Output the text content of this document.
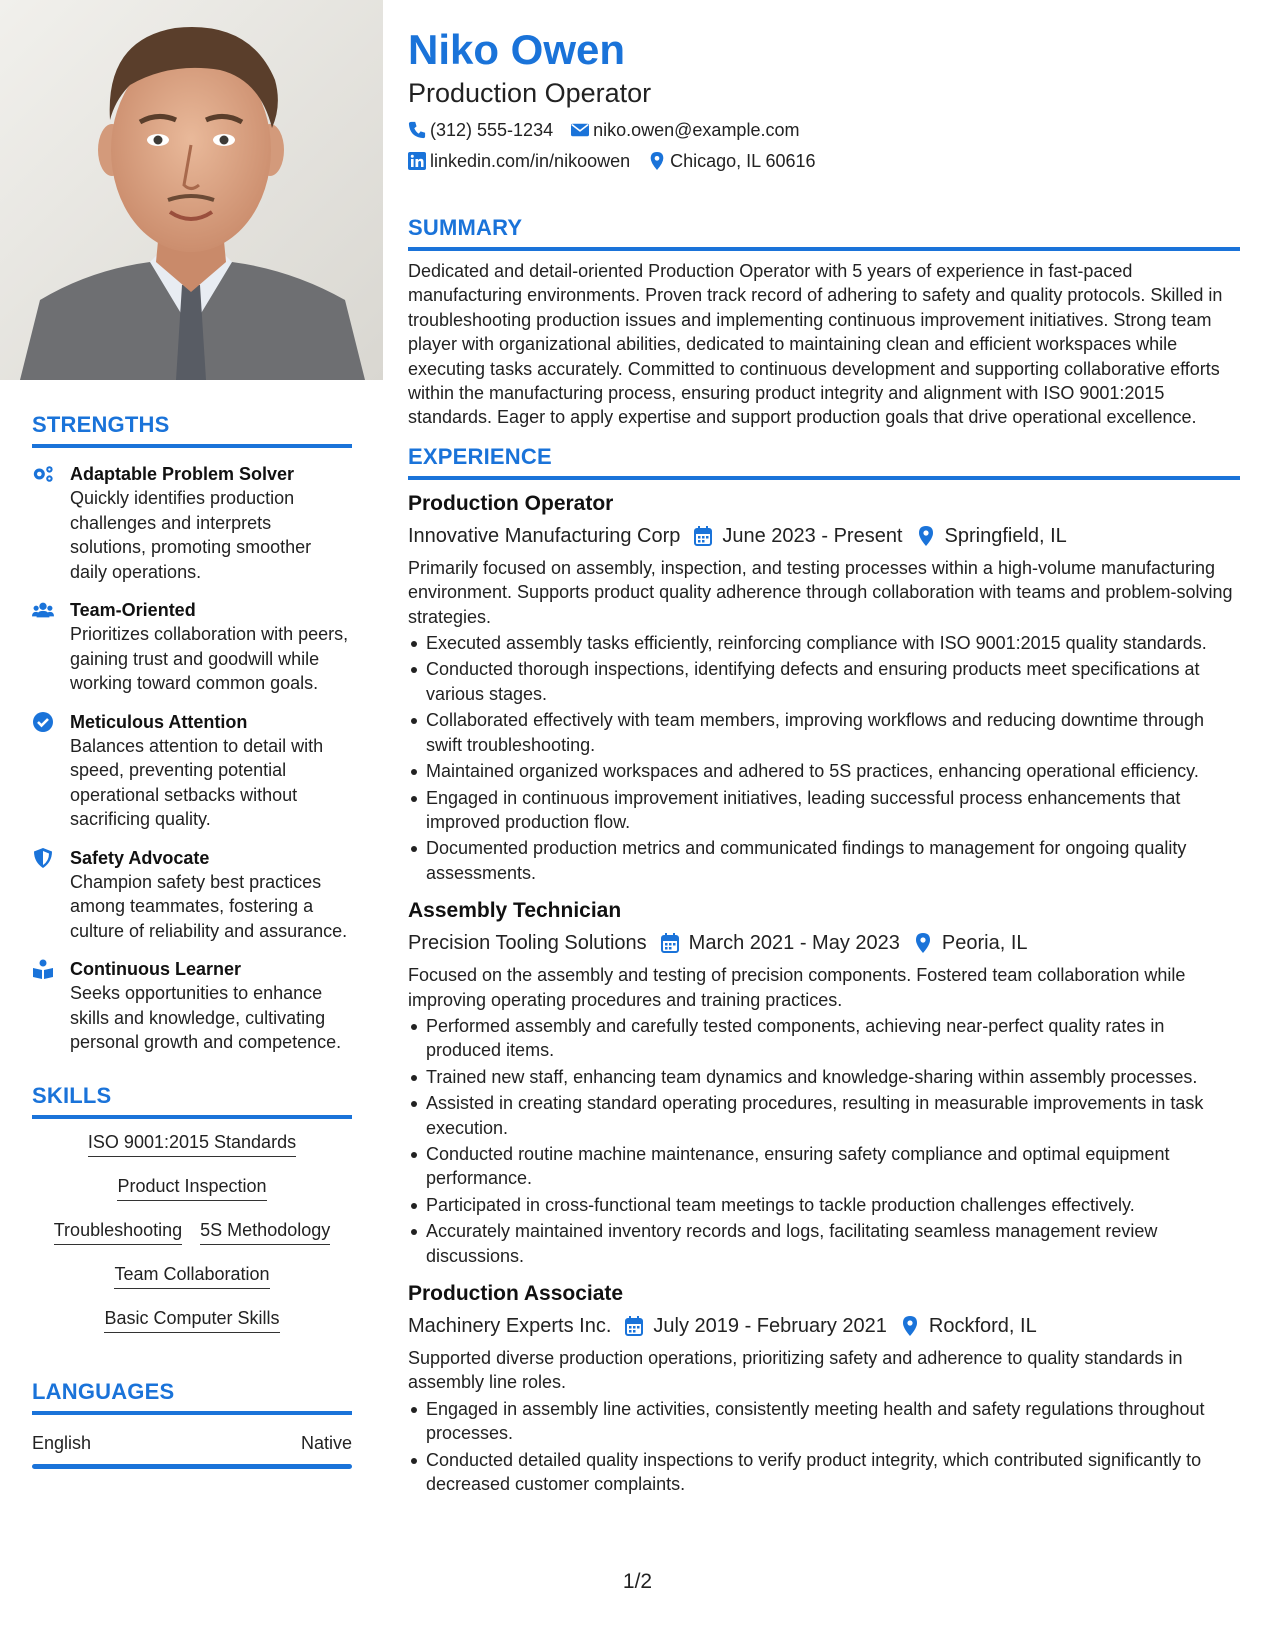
STRENGTHS
Adaptable Problem Solver
Quickly identifies production challenges and interprets solutions, promoting smoother daily operations.
Team-Oriented
Prioritizes collaboration with peers, gaining trust and goodwill while working toward common goals.
Meticulous Attention
Balances attention to detail with speed, preventing potential operational setbacks without sacrificing quality.
Safety Advocate
Champion safety best practices among teammates, fostering a culture of reliability and assurance.
Continuous Learner
Seeks opportunities to enhance skills and knowledge, cultivating personal growth and competence.
SKILLS
ISO 9001:2015 Standards
Product Inspection
Troubleshooting 5S Methodology
Team Collaboration
Basic Computer Skills
LANGUAGES
English	Native
Niko Owen
Production Operator
(312) 555-1234 niko.owen@example.com
linkedin.com/in/nikoowen Chicago, IL 60616
SUMMARY
Dedicated and detail-oriented Production Operator with 5 years of experience in fast-paced manufacturing environments. Proven track record of adhering to safety and quality protocols. Skilled in troubleshooting production issues and implementing continuous improvement initiatives. Strong team player with organizational abilities, dedicated to maintaining clean and efficient workspaces while executing tasks accurately. Committed to continuous development and supporting collaborative efforts within the manufacturing process, ensuring product integrity and alignment with ISO 9001:2015 standards. Eager to apply expertise and support production goals that drive operational excellence.
EXPERIENCE
Production Operator
Innovative Manufacturing Corp June 2023 - Present Springfield, IL
Primarily focused on assembly, inspection, and testing processes within a high-volume manufacturing environment. Supports product quality adherence through collaboration with teams and problem-solving strategies.
Executed assembly tasks efficiently, reinforcing compliance with ISO 9001:2015 quality standards.
Conducted thorough inspections, identifying defects and ensuring products meet specifications at various stages.
Collaborated effectively with team members, improving workflows and reducing downtime through swift troubleshooting.
Maintained organized workspaces and adhered to 5S practices, enhancing operational efficiency.
Engaged in continuous improvement initiatives, leading successful process enhancements that improved production flow.
Documented production metrics and communicated findings to management for ongoing quality assessments.
Assembly Technician
Precision Tooling Solutions March 2021 - May 2023 Peoria, IL
Focused on the assembly and testing of precision components. Fostered team collaboration while improving operating procedures and training practices.
Performed assembly and carefully tested components, achieving near-perfect quality rates in produced items.
Trained new staff, enhancing team dynamics and knowledge-sharing within assembly processes.
Assisted in creating standard operating procedures, resulting in measurable improvements in task execution.
Conducted routine machine maintenance, ensuring safety compliance and optimal equipment performance.
Participated in cross-functional team meetings to tackle production challenges effectively.
Accurately maintained inventory records and logs, facilitating seamless management review discussions.
Production Associate
Machinery Experts Inc. July 2019 - February 2021 Rockford, IL
Supported diverse production operations, prioritizing safety and adherence to quality standards in assembly line roles.
Engaged in assembly line activities, consistently meeting health and safety regulations throughout processes.
Conducted detailed quality inspections to verify product integrity, which contributed significantly to decreased customer complaints.
1/2
